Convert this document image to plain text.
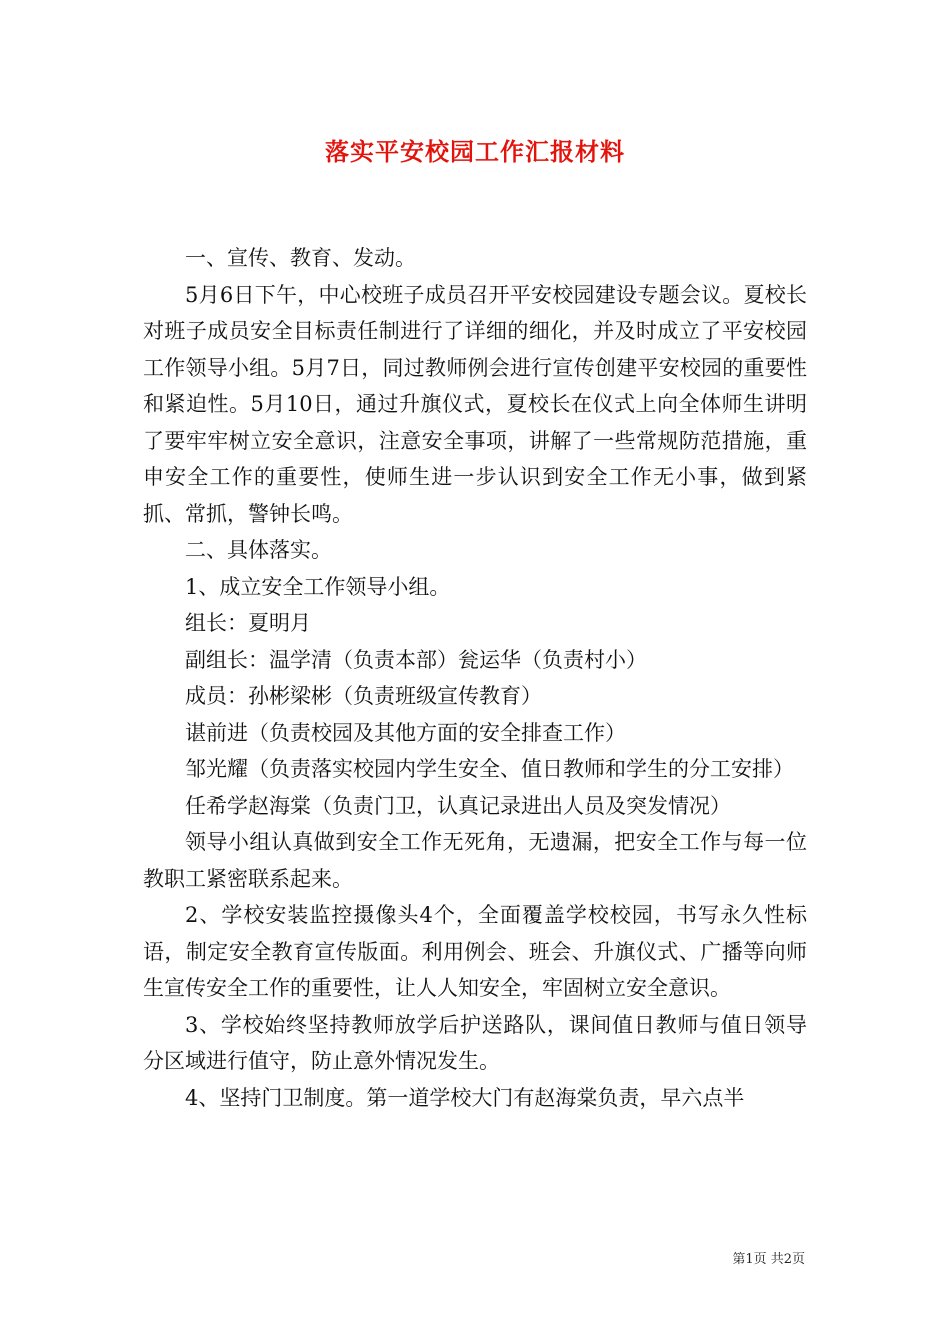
落实平安校园工作汇报材料

一、宣传、教育、发动。

5月6日下午，中心校班子成员召开平安校园建设专题会议。夏校长对班子成员安全目标责任制进行了详细的细化，并及时成立了平安校园工作领导小组。5月7日，同过教师例会进行宣传创建平安校园的重要性和紧迫性。5月10日，通过升旗仪式，夏校长在仪式上向全体师生讲明了要牢牢树立安全意识，注意安全事项，讲解了一些常规防范措施，重申安全工作的重要性，使师生进一步认识到安全工作无小事，做到紧抓、常抓，警钟长鸣。

二、具体落实。

1、成立安全工作领导小组。

组长：夏明月

副组长：温学清（负责本部）瓮运华（负责村小）

成员：孙彬梁彬（负责班级宣传教育）

谌前进（负责校园及其他方面的安全排查工作）

邹光耀（负责落实校园内学生安全、值日教师和学生的分工安排）

任希学赵海棠（负责门卫，认真记录进出人员及突发情况）

领导小组认真做到安全工作无死角，无遗漏，把安全工作与每一位教职工紧密联系起来。

2、学校安装监控摄像头4个，全面覆盖学校校园，书写永久性标语，制定安全教育宣传版面。利用例会、班会、升旗仪式、广播等向师生宣传安全工作的重要性，让人人知安全，牢固树立安全意识。

3、学校始终坚持教师放学后护送路队，课间值日教师与值日领导分区域进行值守，防止意外情况发生。

4、坚持门卫制度。第一道学校大门有赵海棠负责，早六点半

第1页 共2页
